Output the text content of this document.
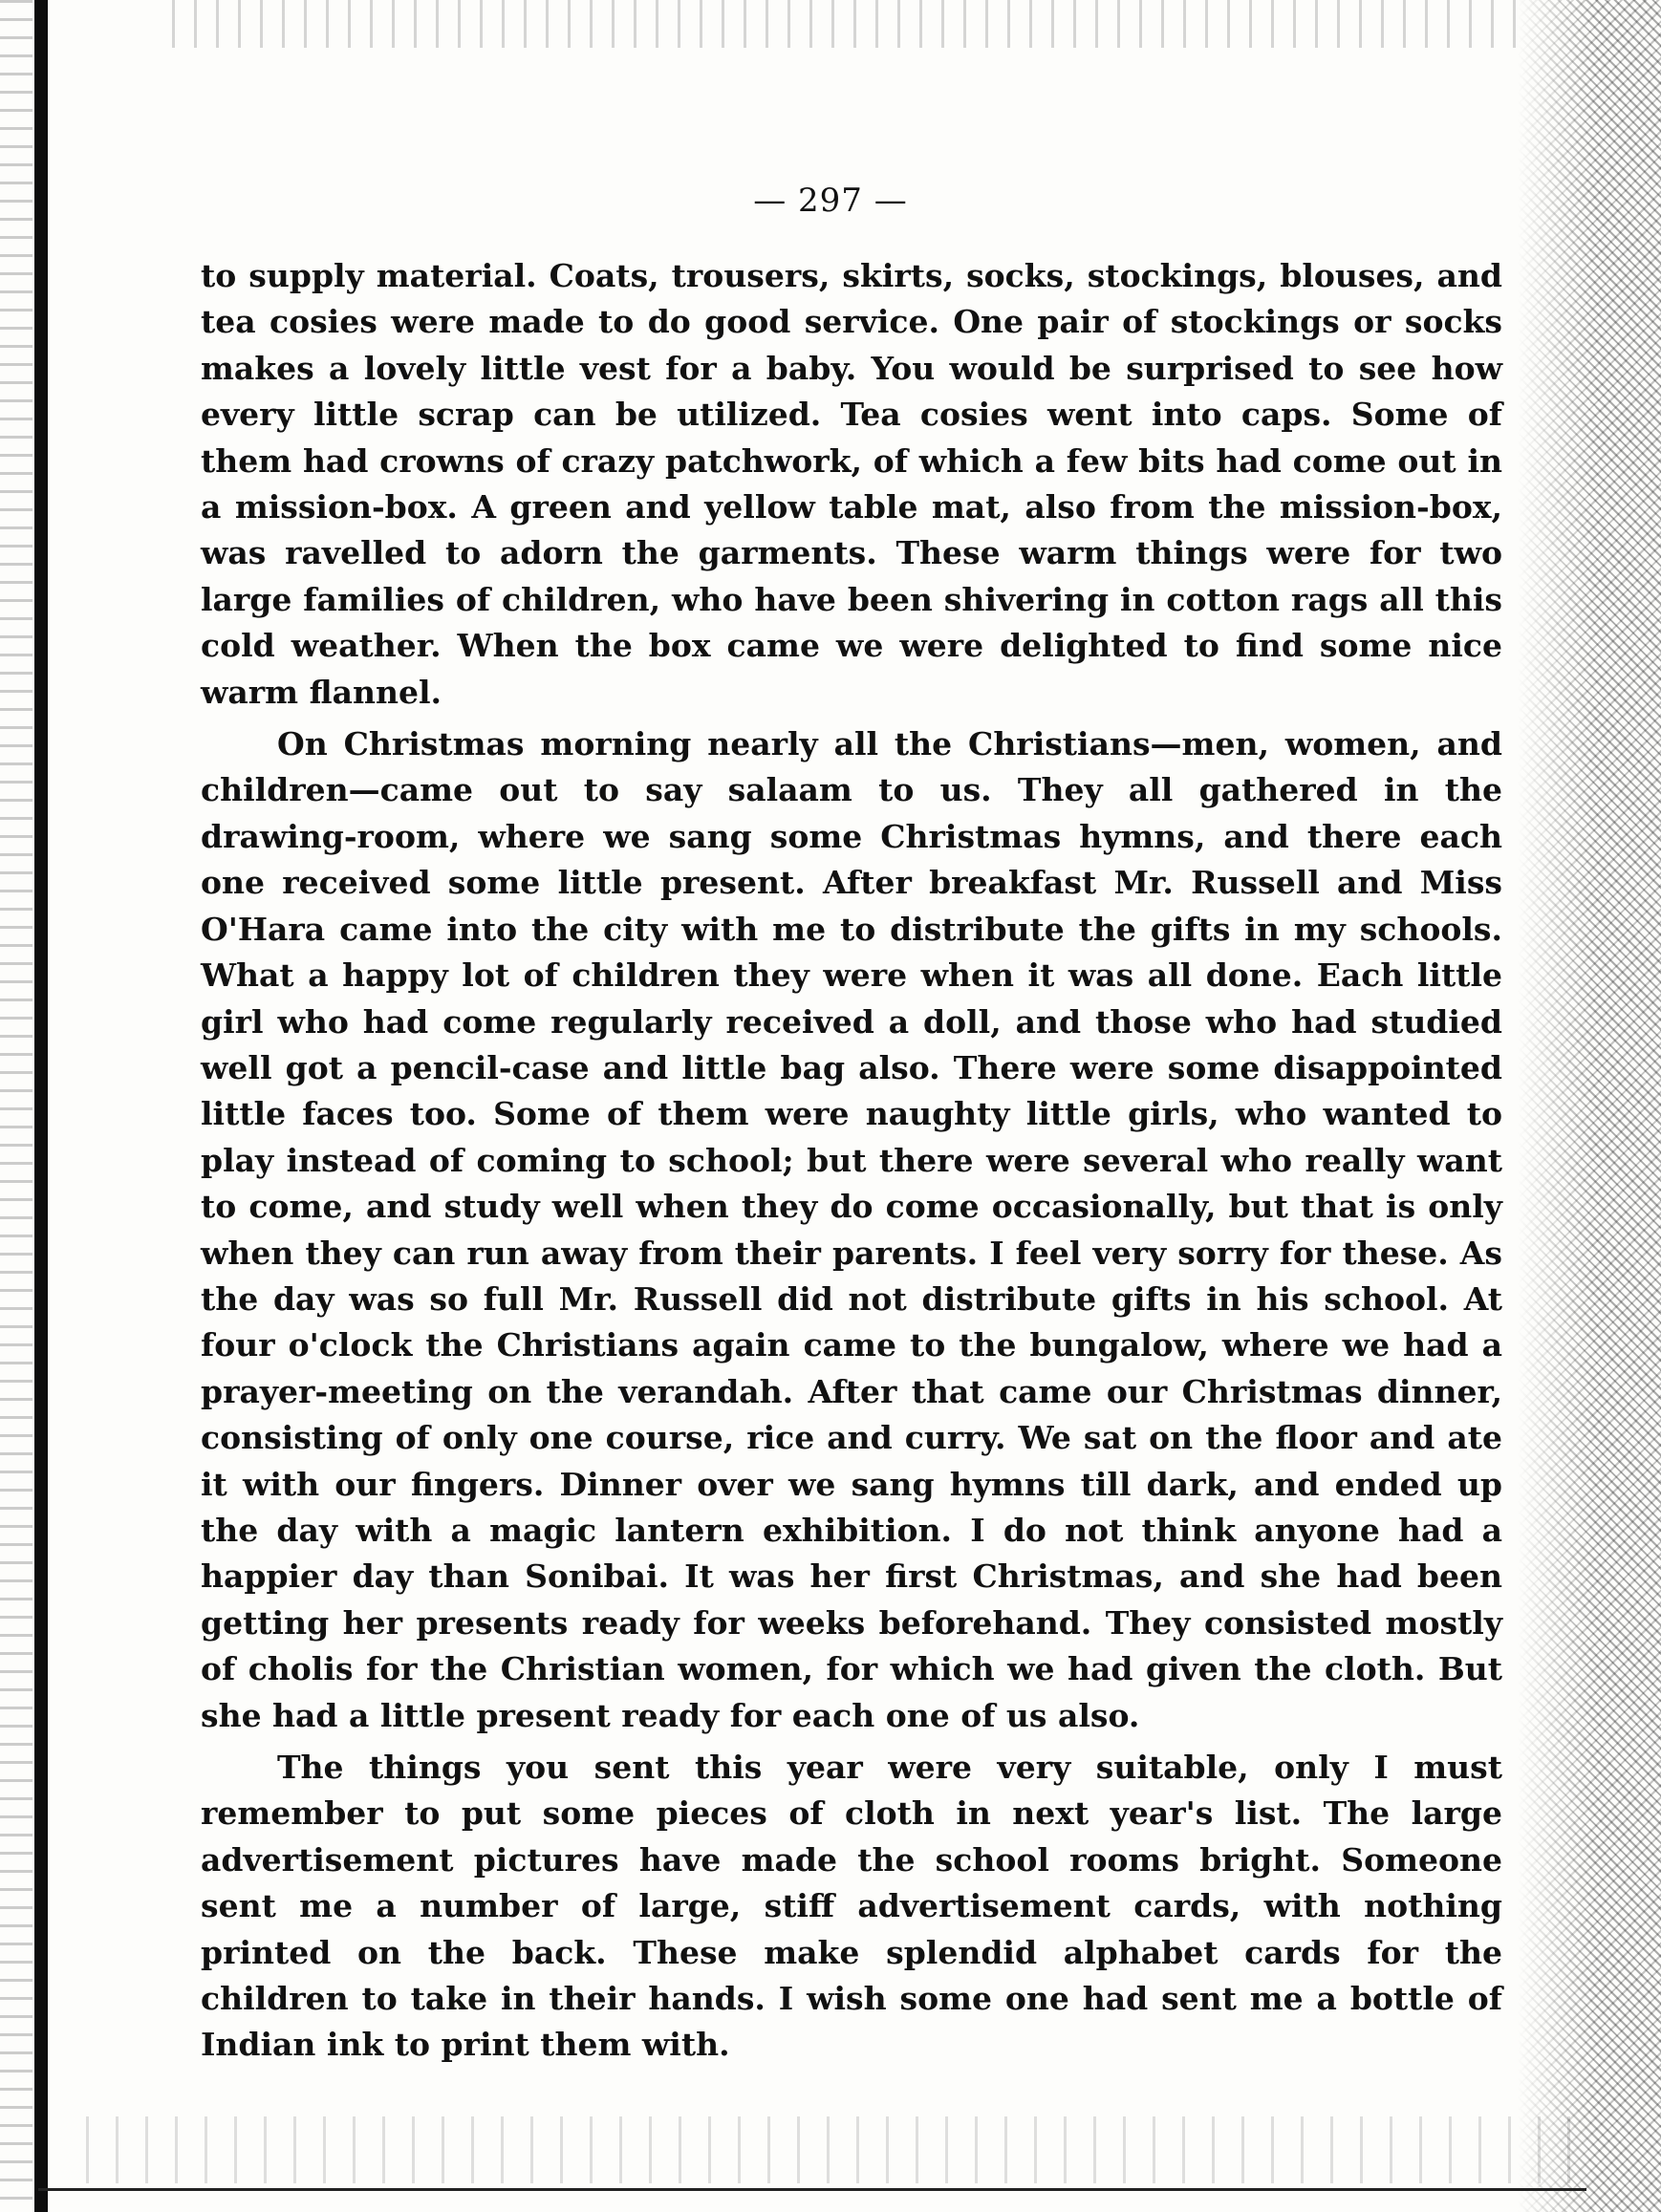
— 297 —

to supply material. Coats, trousers, skirts, socks, stockings, blouses, and tea cosies were made to do good service. One pair of stockings or socks makes a lovely little vest for a baby. You would be surprised to see how every little scrap can be utilized. Tea cosies went into caps. Some of them had crowns of crazy patchwork, of which a few bits had come out in a mission-box. A green and yellow table mat, also from the mission-box, was ravelled to adorn the garments. These warm things were for two large families of children, who have been shivering in cotton rags all this cold weather. When the box came we were delighted to find some nice warm flannel.

On Christmas morning nearly all the Christians—men, women, and children—came out to say salaam to us. They all gathered in the drawing-room, where we sang some Christmas hymns, and there each one received some little present. After breakfast Mr. Russell and Miss O'Hara came into the city with me to distribute the gifts in my schools. What a happy lot of children they were when it was all done. Each little girl who had come regularly received a doll, and those who had studied well got a pencil-case and little bag also. There were some disappointed little faces too. Some of them were naughty little girls, who wanted to play instead of coming to school; but there were several who really want to come, and study well when they do come occasionally, but that is only when they can run away from their parents. I feel very sorry for these. As the day was so full Mr. Russell did not distribute gifts in his school. At four o'clock the Christians again came to the bungalow, where we had a prayer-meeting on the verandah. After that came our Christmas dinner, consisting of only one course, rice and curry. We sat on the floor and ate it with our fingers. Dinner over we sang hymns till dark, and ended up the day with a magic lantern exhibition. I do not think anyone had a happier day than Sonibai. It was her first Christmas, and she had been getting her presents ready for weeks beforehand. They consisted mostly of cholis for the Christian women, for which we had given the cloth. But she had a little present ready for each one of us also.

The things you sent this year were very suitable, only I must remember to put some pieces of cloth in next year's list. The large advertisement pictures have made the school rooms bright. Someone sent me a number of large, stiff advertisement cards, with nothing printed on the back. These make splendid alphabet cards for the children to take in their hands. I wish some one had sent me a bottle of Indian ink to print them with.
